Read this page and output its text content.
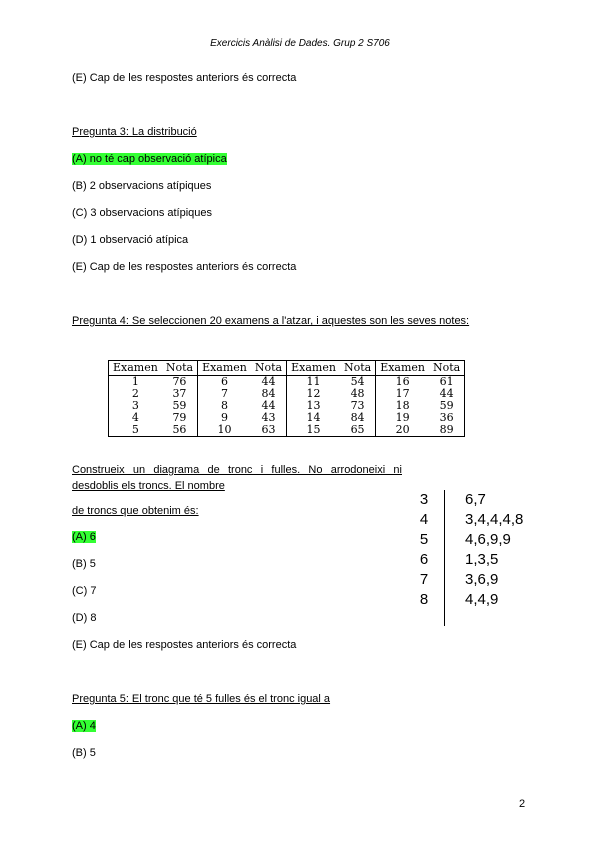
Exercicis Anàlisi de Dades. Grup 2 S706
(E) Cap de les respostes anteriors és correcta
Pregunta 3: La distribució
(A) no té cap observació atípica
(B) 2 observacions atípiques
(C) 3 observacions atípiques
(D) 1 observació atípica
(E) Cap de les respostes anteriors és correcta
Pregunta 4: Se seleccionen 20 examens a l'atzar, i aquestes son les seves notes:
Examen	Nota	Examen	Nota	Examen	Nota	Examen	Nota
1	76	6	44	11	54	16	61
2	37	7	84	12	48	17	44
3	59	8	44	13	73	18	59
4	79	9	43	14	84	19	36
5	56	10	63	15	65	20	89
Construeix un diagrama de tronc i fulles. No arrodoneixi ni desdoblis els troncs. El nombre
de troncs que obtenim és:
(A) 6
(B) 5
(C) 7
(D) 8
(E) Cap de les respostes anteriors és correcta
3	6,7
4	3,4,4,4,8
5	4,6,9,9
6	1,3,5
7	3,6,9
8	4,4,9
Pregunta 5: El tronc que té 5 fulles és el tronc igual a
(A) 4
(B) 5
2
